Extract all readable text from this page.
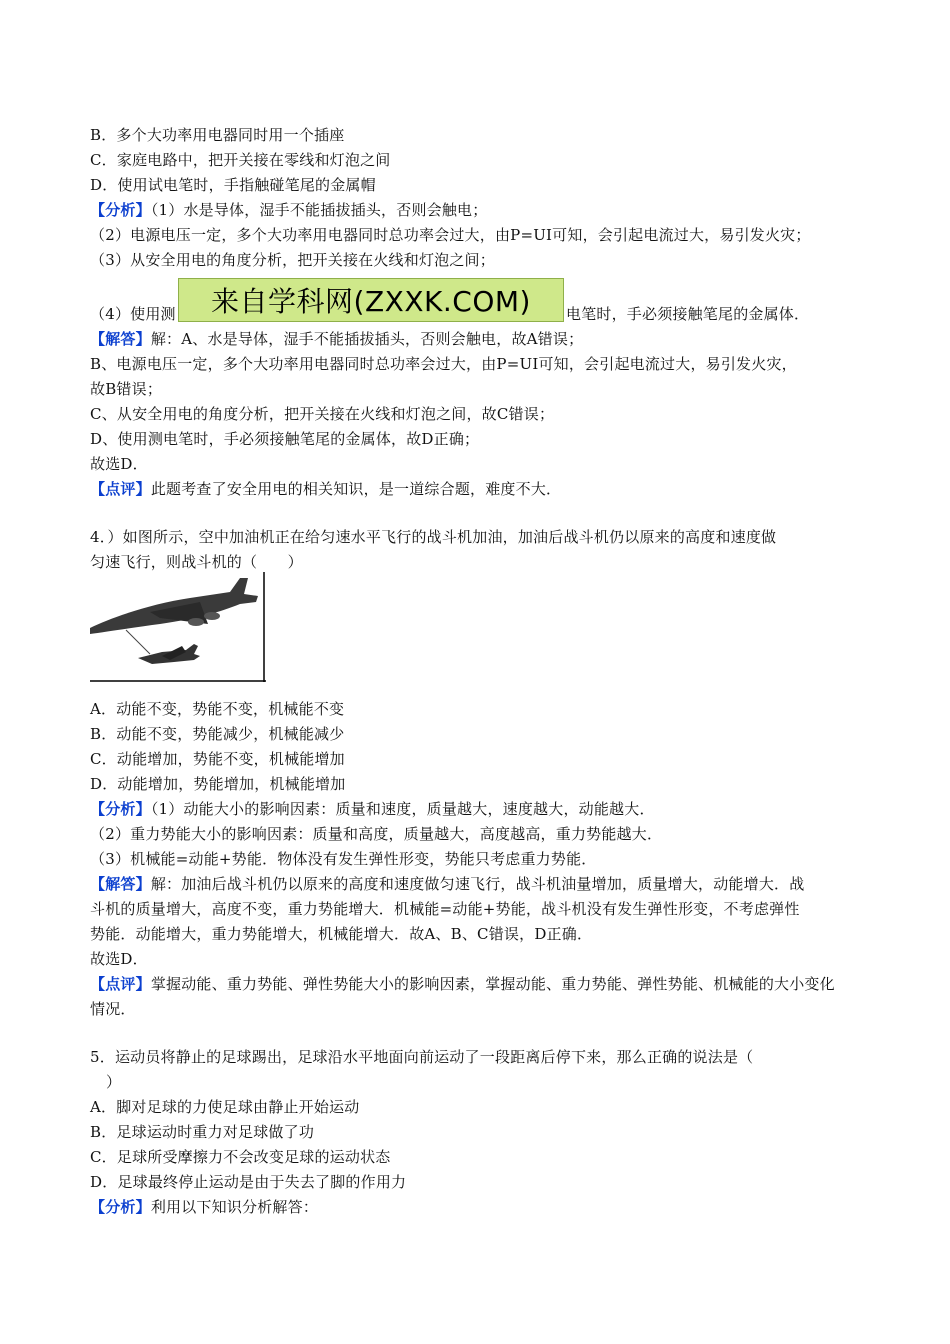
B．多个大功率用电器同时用一个插座
C．家庭电路中，把开关接在零线和灯泡之间
D．使用试电笔时，手指触碰笔尾的金属帽
【分析】（1）水是导体，湿手不能插拔插头，否则会触电；
（2）电源电压一定，多个大功率用电器同时总功率会过大，由P=UI可知，会引起电流过大，易引发火灾；
（3）从安全用电的角度分析，把开关接在火线和灯泡之间；
（4）使用测	电笔时，手必须接触笔尾的金属体．
来自学科网(ZXXK.COM)
【解答】解：A、水是导体，湿手不能插拔插头，否则会触电，故A错误；
B、电源电压一定，多个大功率用电器同时总功率会过大，由P=UI可知，会引起电流过大，易引发火灾，
故B错误；
C、从安全用电的角度分析，把开关接在火线和灯泡之间，故C错误；
D、使用测电笔时，手必须接触笔尾的金属体，故D正确；
故选D．
【点评】此题考查了安全用电的相关知识，是一道综合题，难度不大．
4．）如图所示，空中加油机正在给匀速水平飞行的战斗机加油，加油后战斗机仍以原来的高度和速度做
匀速飞行，则战斗机的（　　）
A．动能不变，势能不变，机械能不变
B．动能不变，势能减少，机械能减少
C．动能增加，势能不变，机械能增加
D．动能增加，势能增加，机械能增加
【分析】（1）动能大小的影响因素：质量和速度，质量越大，速度越大，动能越大．
（2）重力势能大小的影响因素：质量和高度，质量越大，高度越高，重力势能越大．
（3）机械能=动能+势能．物体没有发生弹性形变，势能只考虑重力势能．
【解答】解：加油后战斗机仍以原来的高度和速度做匀速飞行，战斗机油量增加，质量增大，动能增大．战
斗机的质量增大，高度不变，重力势能增大．机械能=动能+势能，战斗机没有发生弹性形变，不考虑弹性
势能．动能增大，重力势能增大，机械能增大．故A、B、C错误，D正确．
故选D．
【点评】掌握动能、重力势能、弹性势能大小的影响因素，掌握动能、重力势能、弹性势能、机械能的大小变化
情况．
5．运动员将静止的足球踢出，足球沿水平地面向前运动了一段距离后停下来，那么正确的说法是（
）
A．脚对足球的力使足球由静止开始运动
B．足球运动时重力对足球做了功
C．足球所受摩擦力不会改变足球的运动状态
D．足球最终停止运动是由于失去了脚的作用力
【分析】利用以下知识分析解答：
